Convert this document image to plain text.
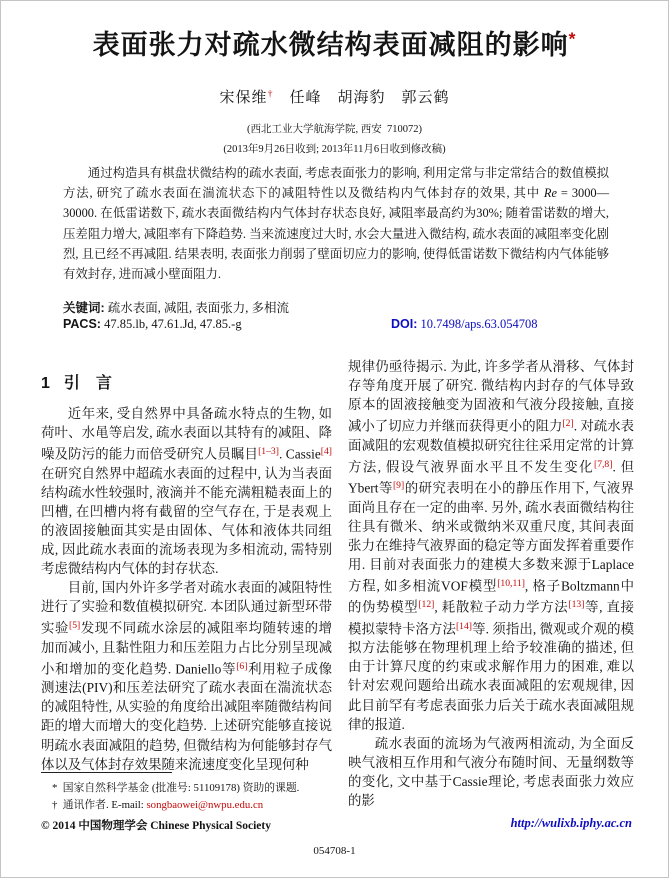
表面张力对疏水微结构表面减阻的影响*
宋保维† 任峰 胡海豹 郭云鹤
(西北工业大学航海学院, 西安 710072)
(2013年9月26日收到; 2013年11月6日收到修改稿)
通过构造具有棋盘状微结构的疏水表面, 考虑表面张力的影响, 利用定常与非定常结合的数值模拟方法, 研究了疏水表面在湍流状态下的减阻特性以及微结构内气体封存的效果, 其中 Re = 3000—30000. 在低雷诺数下, 疏水表面微结构内气体封存状态良好, 减阻率最高约为30%; 随着雷诺数的增大, 压差阻力增大, 减阻率有下降趋势. 当来流速度过大时, 水会大量进入微结构, 疏水表面的减阻率变化剧烈, 且已经不再减阻. 结果表明, 表面张力削弱了壁面切应力的影响, 使得低雷诺数下微结构内气体能够有效封存, 进而减小壁面阻力.
关键词: 疏水表面, 减阻, 表面张力, 多相流
PACS: 47.85.lb, 47.61.Jd, 47.85.-g	DOI: 10.7498/aps.63.054708
1 引　言

近年来, 受自然界中具备疏水特点的生物, 如荷叶、水黾等启发, 疏水表面以其特有的减阻、降噪及防污的能力而倍受研究人员瞩目[1–3]. Cassie[4]在研究自然界中超疏水表面的过程中, 认为当表面结构疏水性较强时, 液滴并不能充满粗糙表面上的凹槽, 在凹槽内将有截留的空气存在, 于是表观上的液固接触面其实是由固体、气体和液体共同组成, 因此疏水表面的流场表现为多相流动, 需特别考虑微结构内气体的封存状态.

目前, 国内外许多学者对疏水表面的减阻特性进行了实验和数值模拟研究. 本团队通过新型环带实验[5]发现不同疏水涂层的减阻率均随转速的增加而减小, 且黏性阻力和压差阻力占比分别呈现减小和增加的变化趋势. Daniello等[6]利用粒子成像测速法(PIV)和压差法研究了疏水表面在湍流状态的减阻特性, 从实验的角度给出减阻率随微结构间距的增大而增大的变化趋势. 上述研究能够直接说明疏水表面减阻的趋势, 但微结构为何能够封存气体以及气体封存效果随来流速度变化呈现何种

规律仍亟待揭示. 为此, 许多学者从滑移、气体封存等角度开展了研究. 微结构内封存的气体导致原本的固液接触变为固液和气液分段接触, 直接减小了切应力并继而获得更小的阻力[2]. 对疏水表面减阻的宏观数值模拟研究往往采用定常的计算方法, 假设气液界面水平且不发生变化[7,8]. 但Ybert等[9]的研究表明在小的静压作用下, 气液界面尚且存在一定的曲率. 另外, 疏水表面微结构往往具有微米、纳米或微纳米双重尺度, 其间表面张力在维持气液界面的稳定等方面发挥着重要作用. 目前对表面张力的建模大多数来源于Laplace方程, 如多相流VOF模型[10,11], 格子Boltzmann中的伪势模型[12], 耗散粒子动力学方法[13]等, 直接模拟蒙特卡洛方法[14]等. 须指出, 微观或介观的模拟方法能够在物理机理上给予较准确的描述, 但由于计算尺度的约束或求解作用力的困难, 难以针对宏观问题给出疏水表面减阻的宏观规律, 因此目前罕有考虑表面张力后关于疏水表面减阻规律的报道.

疏水表面的流场为气液两相流动, 为全面反映气液相互作用和气液分布随时间、无量纲数等的变化, 文中基于Cassie理论, 考虑表面张力效应的影

* 国家自然科学基金 (批准号: 51109178) 资助的课题.
† 通讯作者. E-mail: songbaowei@nwpu.edu.cn
© 2014 中国物理学会 Chinese Physical Society	http://wulixb.iphy.ac.cn
054708-1
